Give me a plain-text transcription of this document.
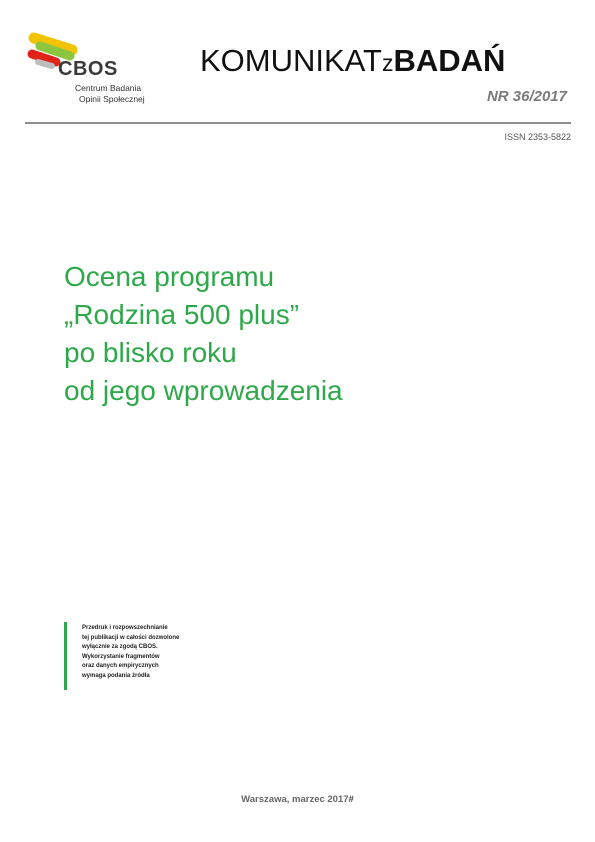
CBOS
Centrum Badania
Opinii Społecznej
KOMUNIKATzBADAŃ
NR 36/2017
ISSN 2353-5822
Ocena programu
„Rodzina 500 plus”
po blisko roku
od jego wprowadzenia
Przedruk i rozpowszechnianie
tej publikacji w całości dozwolone
wyłącznie za zgodą CBOS.
Wykorzystanie fragmentów
oraz danych empirycznych
wymaga podania źródła
Warszawa, marzec 2017#
